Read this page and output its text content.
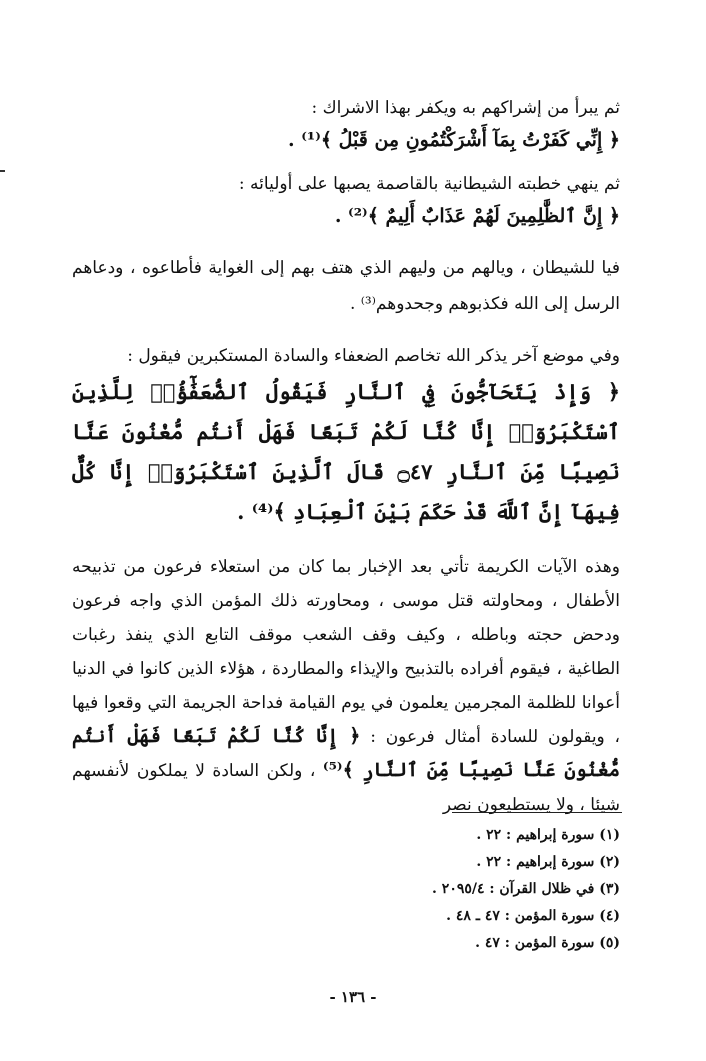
ثم يبرأ من إشراكهم به ويكفر بهذا الاشراك :

﴿ إِنِّي كَفَرْتُ بِمَآ أَشْرَكْتُمُونِ مِن قَبْلُ ﴾⁽¹⁾ .

ثم ينهي خطبته الشيطانية بالقاصمة يصبها على أوليائه :

﴿ إِنَّ ٱلظَّٰلِمِينَ لَهُمْ عَذَابٌ أَلِيمٌ ﴾⁽²⁾ .

فيا للشيطان ، ويالهم من وليهم الذي هتف بهم إلى الغواية فأطاعوه ، ودعاهم الرسل إلى الله فكذبوهم وجحدوهم⁽³⁾ .

وفي موضع آخر يذكر الله تخاصم الضعفاء والسادة المستكبرين فيقول :

﴿ وَإِذْ يَتَحَآجُّونَ فِي ٱلنَّارِ فَيَقُولُ ٱلضُّعَفَٰٓؤُا۟ لِلَّذِينَ ٱسْتَكْبَرُوٓا۟ إِنَّا كُنَّا لَكُمْ تَبَعًا فَهَلْ أَنتُم مُّغْنُونَ عَنَّا نَصِيبًا مِّنَ ٱلنَّارِ ۝٤٧ قَالَ ٱلَّذِينَ ٱسْتَكْبَرُوٓا۟ إِنَّا كُلٌّ فِيهَآ إِنَّ ٱللَّهَ قَدْ حَكَمَ بَيْنَ ٱلْعِبَادِ ﴾⁽⁴⁾ .

وهذه الآيات الكريمة تأتي بعد الإخبار بما كان من استعلاء فرعون من تذبيحه الأطفال ، ومحاولته قتل موسى ، ومحاورته ذلك المؤمن الذي واجه فرعون ودحض حجته وباطله ، وكيف وقف الشعب موقف التابع الذي ينفذ رغبات الطاغية ، فيقوم أفراده بالتذبيح والإيذاء والمطاردة ، هؤلاء الذين كانوا في الدنيا أعوانا للظلمة المجرمين يعلمون في يوم القيامة فداحة الجريمة التي وقعوا فيها ، ويقولون للسادة أمثال فرعون : ﴿ إِنَّا كُنَّا لَكُمْ تَبَعًا فَهَلْ أَنتُم مُّغْنُونَ عَنَّا نَصِيبًا مِّنَ ٱلنَّارِ ﴾⁽⁵⁾ ، ولكن السادة لا يملكون لأنفسهم شيئا ، ولا يستطيعون نصر

(١) سورة إبراهيم : ٢٢ .

(٢) سورة إبراهيم : ٢٢ .

(٣) في ظلال القرآن : ٢٠٩٥/٤ .

(٤) سورة المؤمن : ٤٧ ـ ٤٨ .

(٥) سورة المؤمن : ٤٧ .

- ١٣٦ -
